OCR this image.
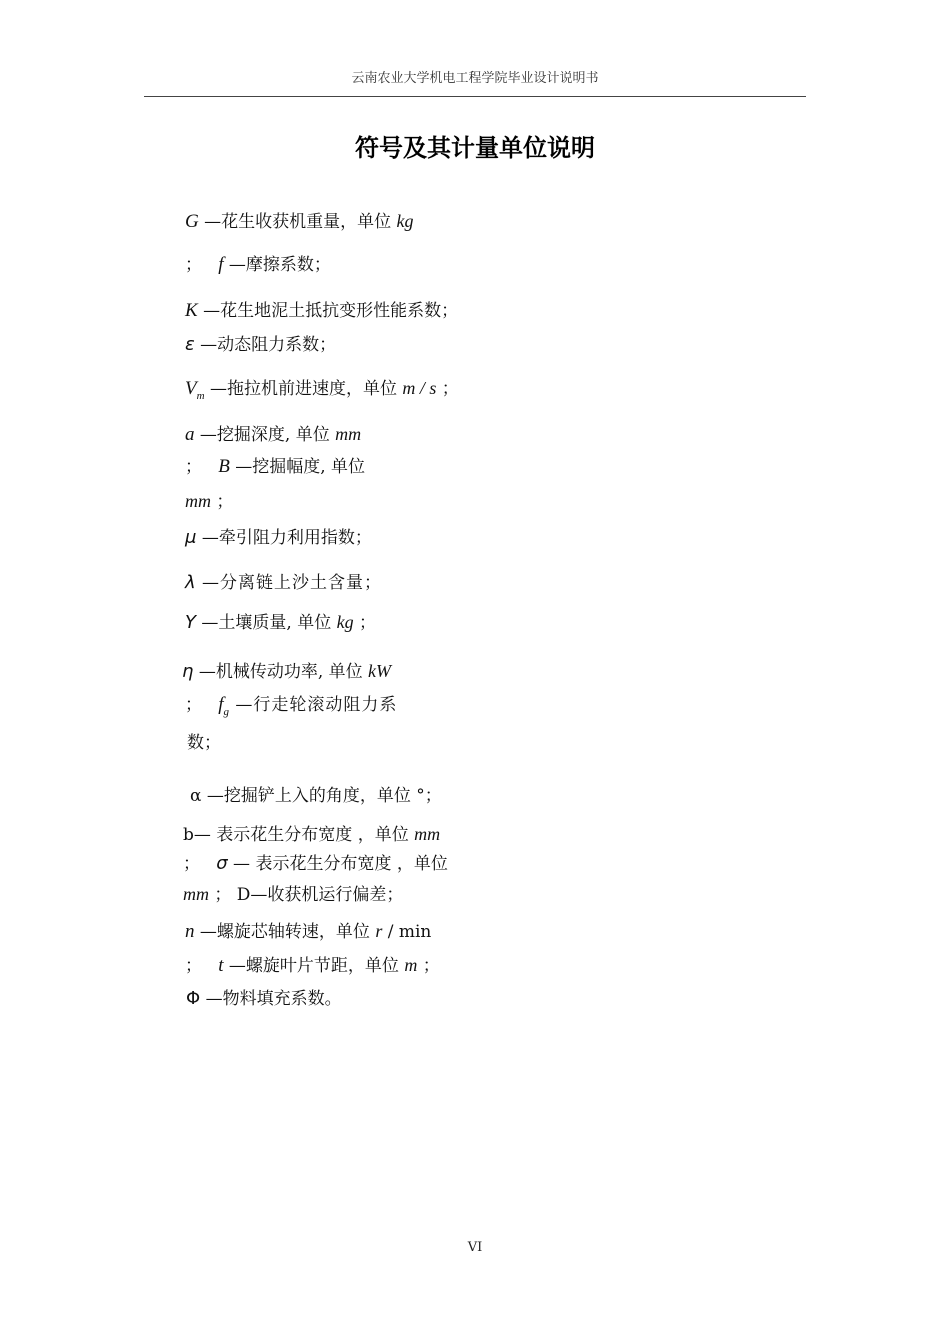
云南农业大学机电工程学院毕业设计说明书
符号及其计量单位说明
G —花生收获机重量，单位 kg
； f —摩擦系数；
K —花生地泥土抵抗变形性能系数；
ε —动态阻力系数；
$V_m$ —拖拉机前进速度，单位 m / s ；
a —挖掘深度, 单位 mm
； B —挖掘幅度, 单位
mm ；
μ —牵引阻力利用指数；
λ —分离链上沙土含量；
Y —土壤质量, 单位 kg ；
η —机械传动功率, 单位 kW
； $f_g$ —行走轮滚动阻力系
数；
α —挖掘铲上入的角度，单位 °；
b— 表示花生分布宽度 ，单位 mm
； σ — 表示花生分布宽度 ，单位
mm ； D—收获机运行偏差；
n —螺旋芯轴转速，单位 r / min
； t —螺旋叶片节距，单位 m ；
Φ —物料填充系数。
VI
